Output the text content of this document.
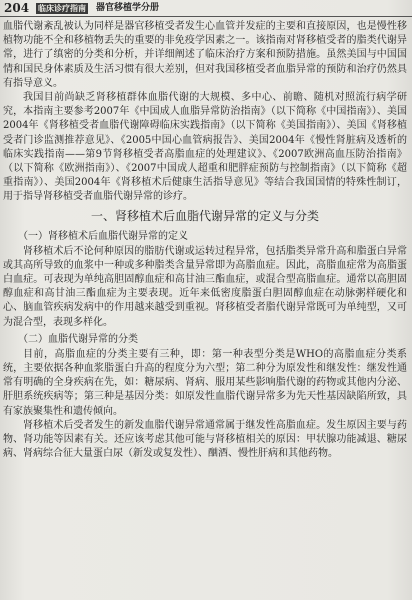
204 临床诊疗指南 器官移植学分册

血脂代谢紊乱被认为同样是器官移植受者发生心血管并发症的主要和直接原因，也是慢性移植物功能不全和移植物丢失的重要的非免疫学因素之一。该指南对肾移植受者的脂类代谢异常，进行了缜密的分类和分析，并详细阐述了临床治疗方案和预防措施。虽然美国与中国国情和国民身体素质及生活习惯有很大差别，但对我国移植受者血脂异常的预防和治疗仍然具有指导意义。

我国目前尚缺乏肾移植群体血脂代谢的大规模、多中心、前瞻、随机对照流行病学研究，本指南主要参考2007年《中国成人血脂异常防治指南》（以下简称《中国指南》）、美国2004年《肾移植受者血脂代谢障碍临床实践指南》（以下简称《美国指南》）、美国《肾移植受者门诊监测推荐意见》、《2005中国心血管病报告》、美国2004年《慢性肾脏病及透析的临床实践指南——第9节肾移植受者高脂血症的处理建议》、《2007欧洲高血压防治指南》（以下简称《欧洲指南》）、《2007中国成人超重和肥胖症预防与控制指南》（以下简称《超重指南》）、美国2004年《肾移植术后健康生活指导意见》等结合我国国情的特殊性制订，用于指导肾移植受者血脂代谢异常的诊疗。

一、肾移植术后血脂代谢异常的定义与分类
（一）肾移植术后血脂代谢异常的定义

肾移植术后不论何种原因的脂肪代谢或运转过程异常，包括脂类异常升高和脂蛋白异常或其高所导致的血浆中一种或多种脂类含量异常即为高脂血症。因此，高脂血症常为高脂蛋白血症。可表现为单纯高胆固醇血症和高甘油三酯血症，或混合型高脂血症。通常以高胆固醇血症和高甘油三酯血症为主要表现。近年来低密度脂蛋白胆固醇血症在动脉粥样硬化和心、脑血管疾病发病中的作用越来越受到重视。肾移植受者脂代谢异常既可为单纯型，又可为混合型，表现多样化。

（二）血脂代谢异常的分类

目前，高脂血症的分类主要有三种，即：第一种表型分类是WHO的高脂血症分类系统，主要依据各种血浆脂蛋白升高的程度分为六型；第二种分为原发性和继发性：继发性通常有明确的全身疾病在先，如：糖尿病、肾病、服用某些影响脂代谢的药物或其他内分泌、肝胆系统疾病等；第三种是基因分类：如原发性血脂代谢异常多为先天性基因缺陷所致，具有家族聚集性和遗传倾向。

肾移植术后受者发生的新发血脂代谢异常通常属于继发性高脂血症。发生原因主要与药物、肾功能等因素有关。还应该考虑其他可能与肾移植相关的原因：甲状腺功能减退、糖尿病、肾病综合征大量蛋白尿（新发或复发性）、酗酒、慢性肝病和其他药物。
